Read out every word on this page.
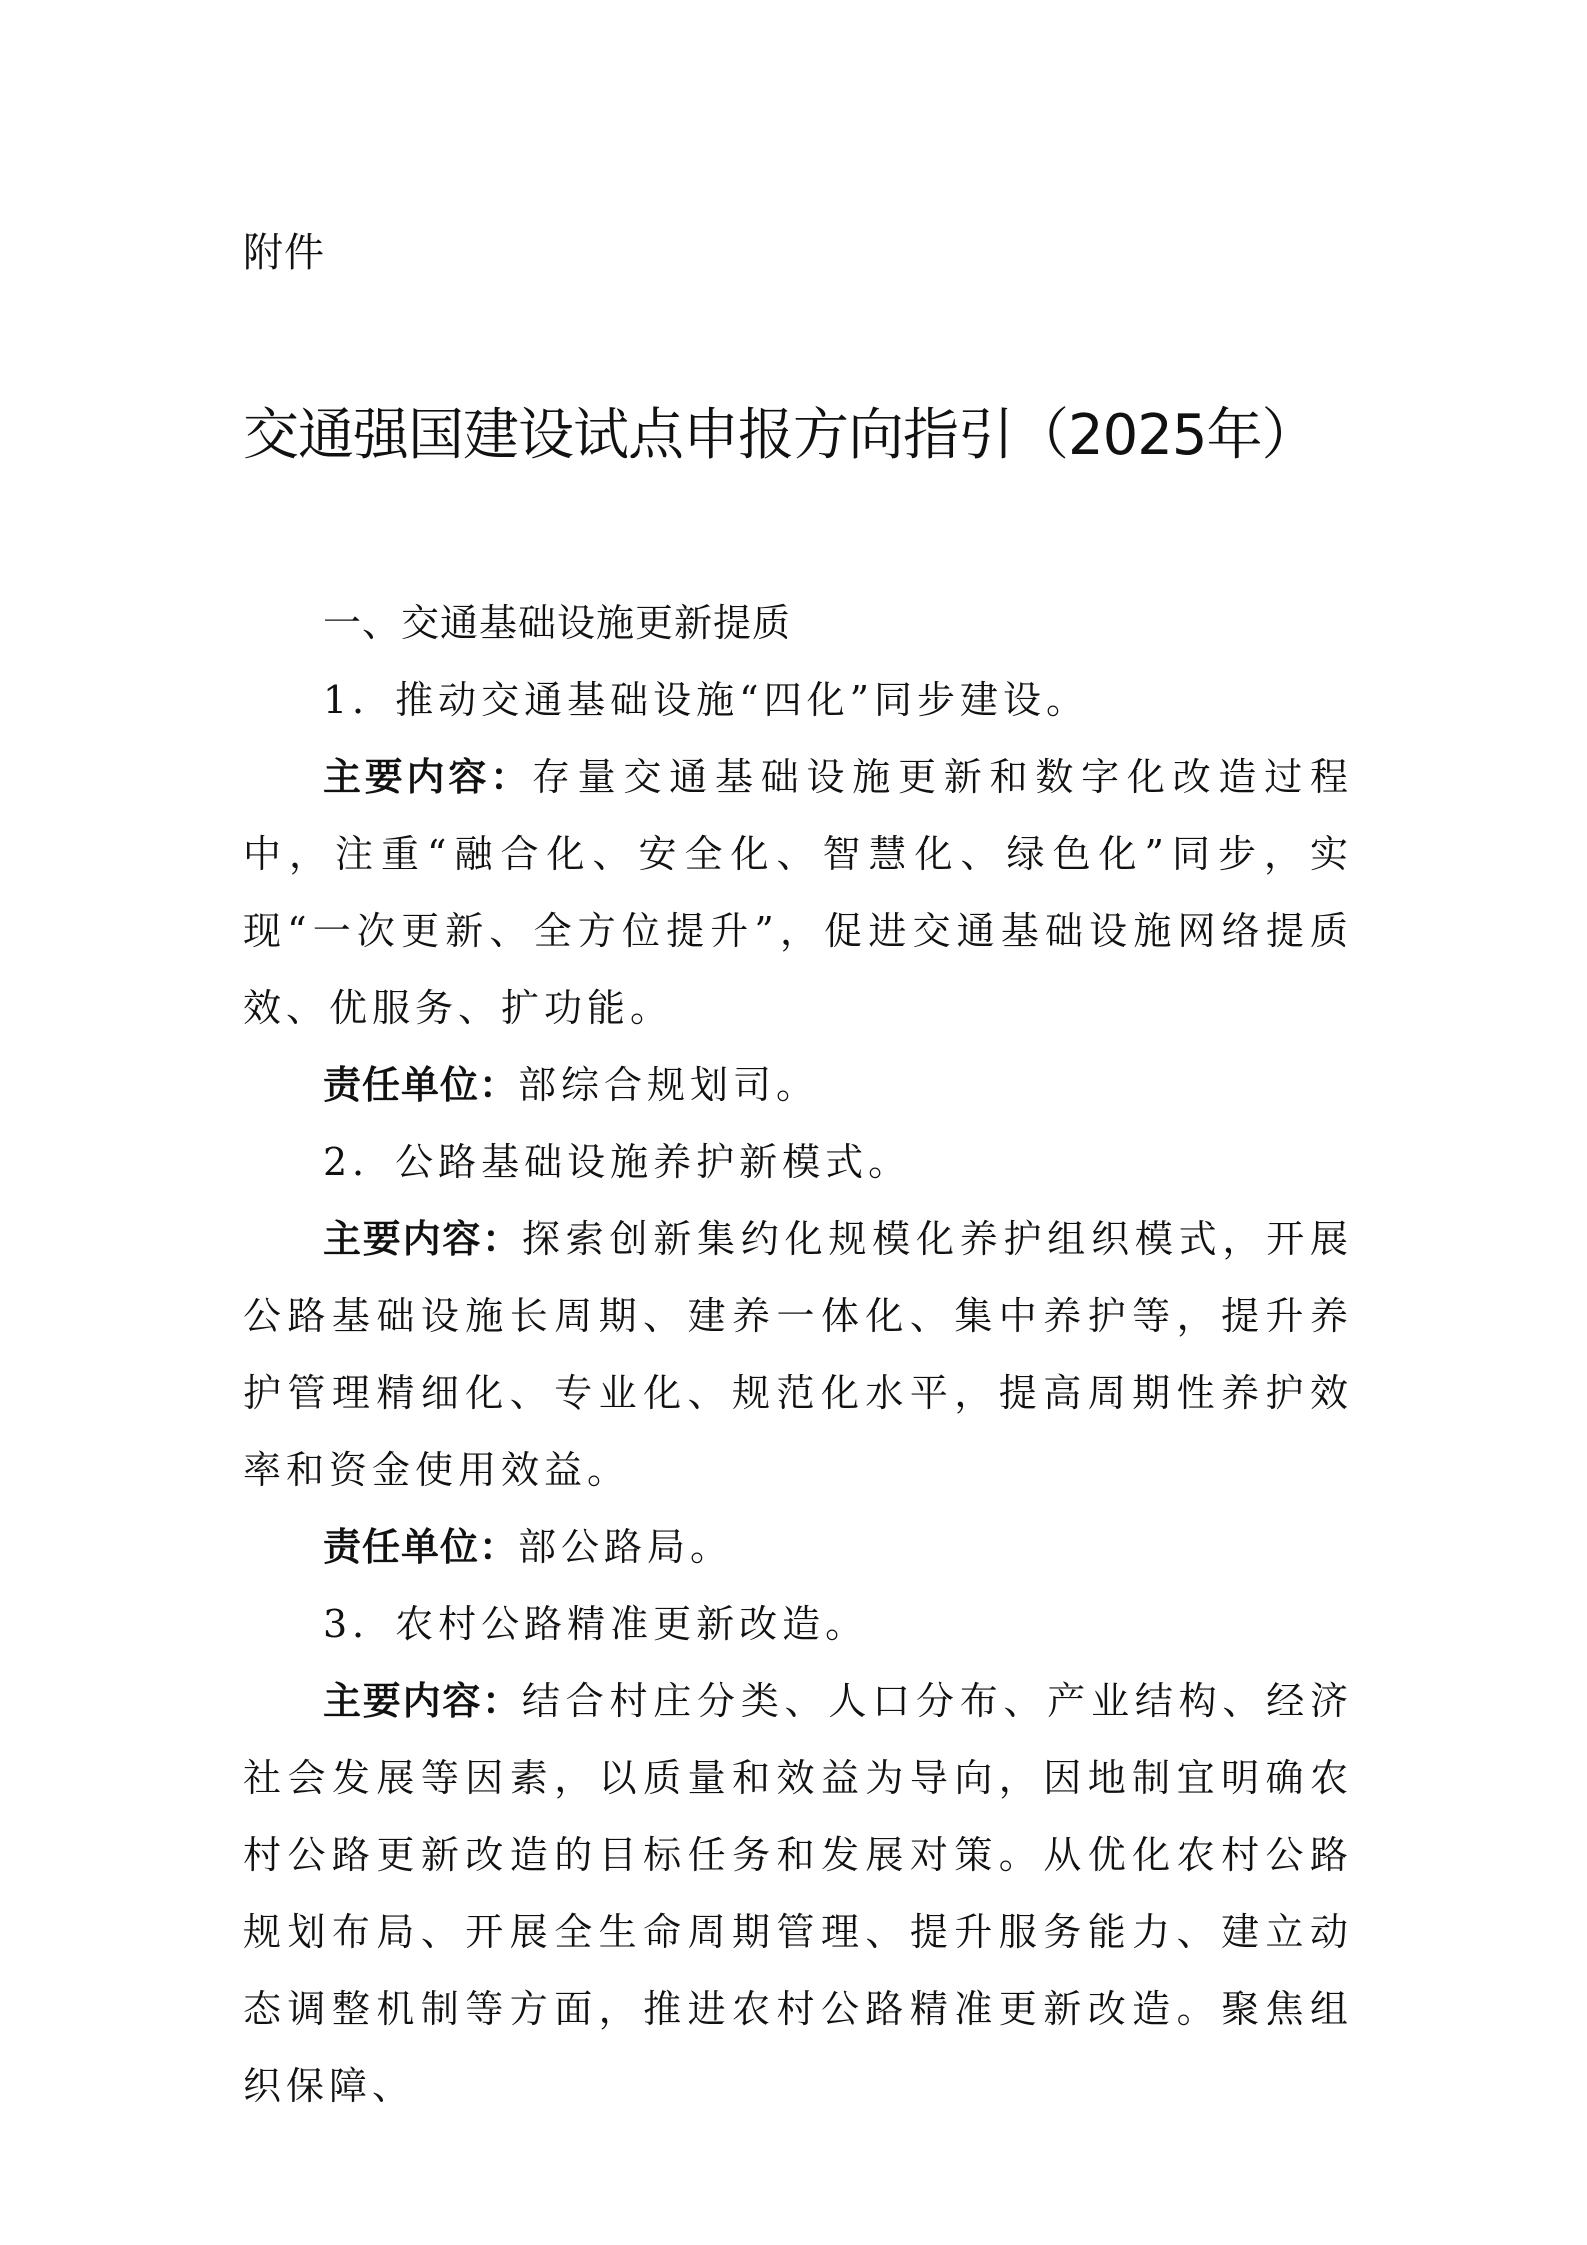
附件
交通强国建设试点申报方向指引（2025年）

一、交通基础设施更新提质

1．推动交通基础设施“四化”同步建设。

主要内容：存量交通基础设施更新和数字化改造过程中，注重“融合化、安全化、智慧化、绿色化”同步，实现“一次更新、全方位提升”，促进交通基础设施网络提质效、优服务、扩功能。

责任单位：部综合规划司。

2．公路基础设施养护新模式。

主要内容：探索创新集约化规模化养护组织模式，开展公路基础设施长周期、建养一体化、集中养护等，提升养护管理精细化、专业化、规范化水平，提高周期性养护效率和资金使用效益。

责任单位：部公路局。

3．农村公路精准更新改造。

主要内容：结合村庄分类、人口分布、产业结构、经济社会发展等因素，以质量和效益为导向，因地制宜明确农村公路更新改造的目标任务和发展对策。从优化农村公路规划布局、开展全生命周期管理、提升服务能力、建立动态调整机制等方面，推进农村公路精准更新改造。聚焦组织保障、
